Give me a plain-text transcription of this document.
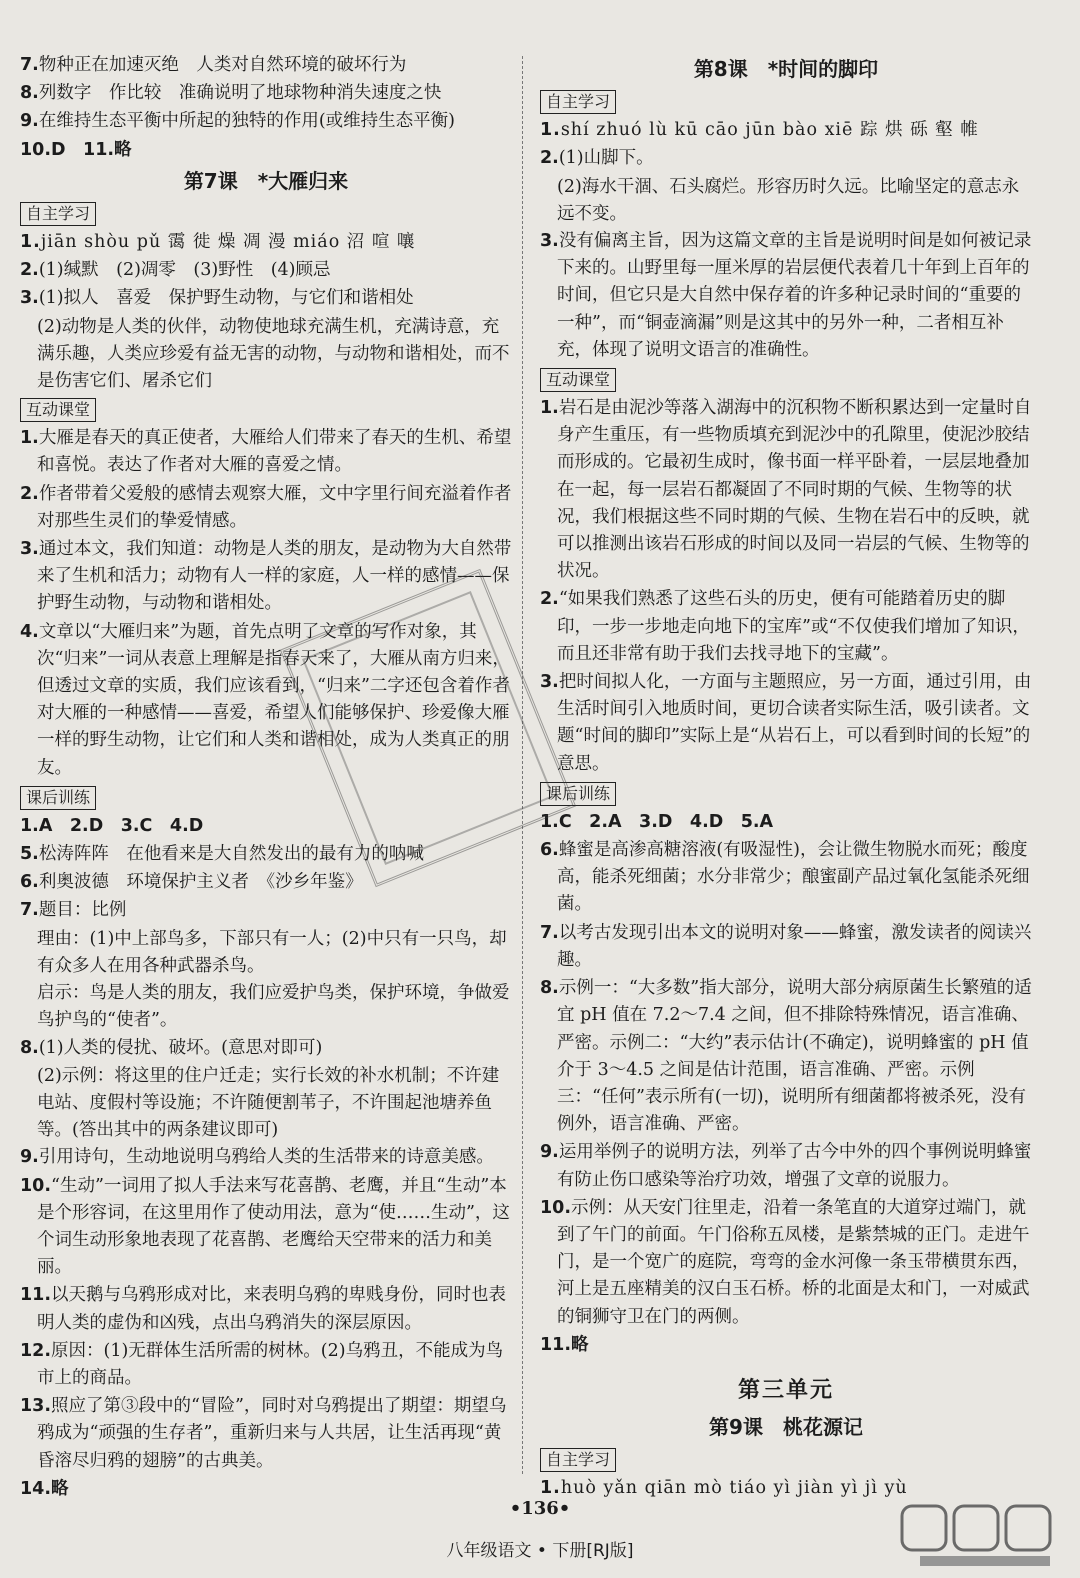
7.物种正在加速灭绝　人类对自然环境的破坏行为
8.列数字　作比较　准确说明了地球物种消失速度之快
9.在维持生态平衡中所起的独特的作用(或维持生态平衡)
10.D　11.略
第7课　*大雁归来
自主学习
1.jiān shòu pǔ 霭 徙 燥 凋 漫 miáo 沼 喧 嚷
2.(1)缄默　(2)凋零　(3)野性　(4)顾忌
3.(1)拟人　喜爱　保护野生动物，与它们和谐相处
(2)动物是人类的伙伴，动物使地球充满生机，充满诗意，充满乐趣，人类应珍爱有益无害的动物，与动物和谐相处，而不是伤害它们、屠杀它们
互动课堂
1.大雁是春天的真正使者，大雁给人们带来了春天的生机、希望和喜悦。表达了作者对大雁的喜爱之情。
2.作者带着父爱般的感情去观察大雁，文中字里行间充溢着作者对那些生灵们的挚爱情感。
3.通过本文，我们知道：动物是人类的朋友，是动物为大自然带来了生机和活力；动物有人一样的家庭，人一样的感情——保护野生动物，与动物和谐相处。
4.文章以“大雁归来”为题，首先点明了文章的写作对象，其次“归来”一词从表意上理解是指春天来了，大雁从南方归来，但透过文章的实质，我们应该看到，“归来”二字还包含着作者对大雁的一种感情——喜爱，希望人们能够保护、珍爱像大雁一样的野生动物，让它们和人类和谐相处，成为人类真正的朋友。
课后训练
1.A　2.D　3.C　4.D
5.松涛阵阵　在他看来是大自然发出的最有力的呐喊
6.利奥波德　环境保护主义者　《沙乡年鉴》
7.题目：比例
理由：(1)中上部鸟多，下部只有一人；(2)中只有一只鸟，却有众多人在用各种武器杀鸟。
启示：鸟是人类的朋友，我们应爱护鸟类，保护环境，争做爱鸟护鸟的“使者”。
8.(1)人类的侵扰、破坏。(意思对即可)
(2)示例：将这里的住户迁走；实行长效的补水机制；不许建电站、度假村等设施；不许随便割苇子，不许围起池塘养鱼等。(答出其中的两条建议即可)
9.引用诗句，生动地说明乌鸦给人类的生活带来的诗意美感。
10.“生动”一词用了拟人手法来写花喜鹊、老鹰，并且“生动”本是个形容词，在这里用作了使动用法，意为“使……生动”，这个词生动形象地表现了花喜鹊、老鹰给天空带来的活力和美丽。
11.以天鹅与乌鸦形成对比，来表明乌鸦的卑贱身份，同时也表明人类的虚伪和凶残，点出乌鸦消失的深层原因。
12.原因：(1)无群体生活所需的树林。(2)乌鸦丑，不能成为鸟市上的商品。
13.照应了第③段中的“冒险”，同时对乌鸦提出了期望：期望乌鸦成为“顽强的生存者”，重新归来与人共居，让生活再现“黄昏溶尽归鸦的翅膀”的古典美。
14.略
第8课　*时间的脚印
自主学习
1.shí zhuó lù kū cāo jūn bào xiē 踪 烘 砾 壑 帷
2.(1)山脚下。
(2)海水干涸、石头腐烂。形容历时久远。比喻坚定的意志永远不变。
3.没有偏离主旨，因为这篇文章的主旨是说明时间是如何被记录下来的。山野里每一厘米厚的岩层便代表着几十年到上百年的时间，但它只是大自然中保存着的许多种记录时间的“重要的一种”，而“铜壶滴漏”则是这其中的另外一种，二者相互补充，体现了说明文语言的准确性。
互动课堂
1.岩石是由泥沙等落入湖海中的沉积物不断积累达到一定量时自身产生重压，有一些物质填充到泥沙中的孔隙里，使泥沙胶结而形成的。它最初生成时，像书面一样平卧着，一层层地叠加在一起，每一层岩石都凝固了不同时期的气候、生物等的状况，我们根据这些不同时期的气候、生物在岩石中的反映，就可以推测出该岩石形成的时间以及同一岩层的气候、生物等的状况。
2.“如果我们熟悉了这些石头的历史，便有可能踏着历史的脚印，一步一步地走向地下的宝库”或“不仅使我们增加了知识，而且还非常有助于我们去找寻地下的宝藏”。
3.把时间拟人化，一方面与主题照应，另一方面，通过引用，由生活时间引入地质时间，更切合读者实际生活，吸引读者。文题“时间的脚印”实际上是“从岩石上，可以看到时间的长短”的意思。
课后训练
1.C　2.A　3.D　4.D　5.A
6.蜂蜜是高渗高糖溶液(有吸湿性)，会让微生物脱水而死；酸度高，能杀死细菌；水分非常少；酿蜜副产品过氧化氢能杀死细菌。
7.以考古发现引出本文的说明对象——蜂蜜，激发读者的阅读兴趣。
8.示例一：“大多数”指大部分，说明大部分病原菌生长繁殖的适宜 pH 值在 7.2～7.4 之间，但不排除特殊情况，语言准确、严密。示例二：“大约”表示估计(不确定)，说明蜂蜜的 pH 值介于 3～4.5 之间是估计范围，语言准确、严密。示例三：“任何”表示所有(一切)，说明所有细菌都将被杀死，没有例外，语言准确、严密。
9.运用举例子的说明方法，列举了古今中外的四个事例说明蜂蜜有防止伤口感染等治疗功效，增强了文章的说服力。
10.示例：从天安门往里走，沿着一条笔直的大道穿过端门，就到了午门的前面。午门俗称五凤楼，是紫禁城的正门。走进午门，是一个宽广的庭院，弯弯的金水河像一条玉带横贯东西，河上是五座精美的汉白玉石桥。桥的北面是太和门，一对威武的铜狮守卫在门的两侧。
11.略
第三单元
第9课　桃花源记
自主学习
1.huò yǎn qiān mò tiáo yì jiàn yì jì yù
•136•
八年级语文 • 下册[RJ版]
